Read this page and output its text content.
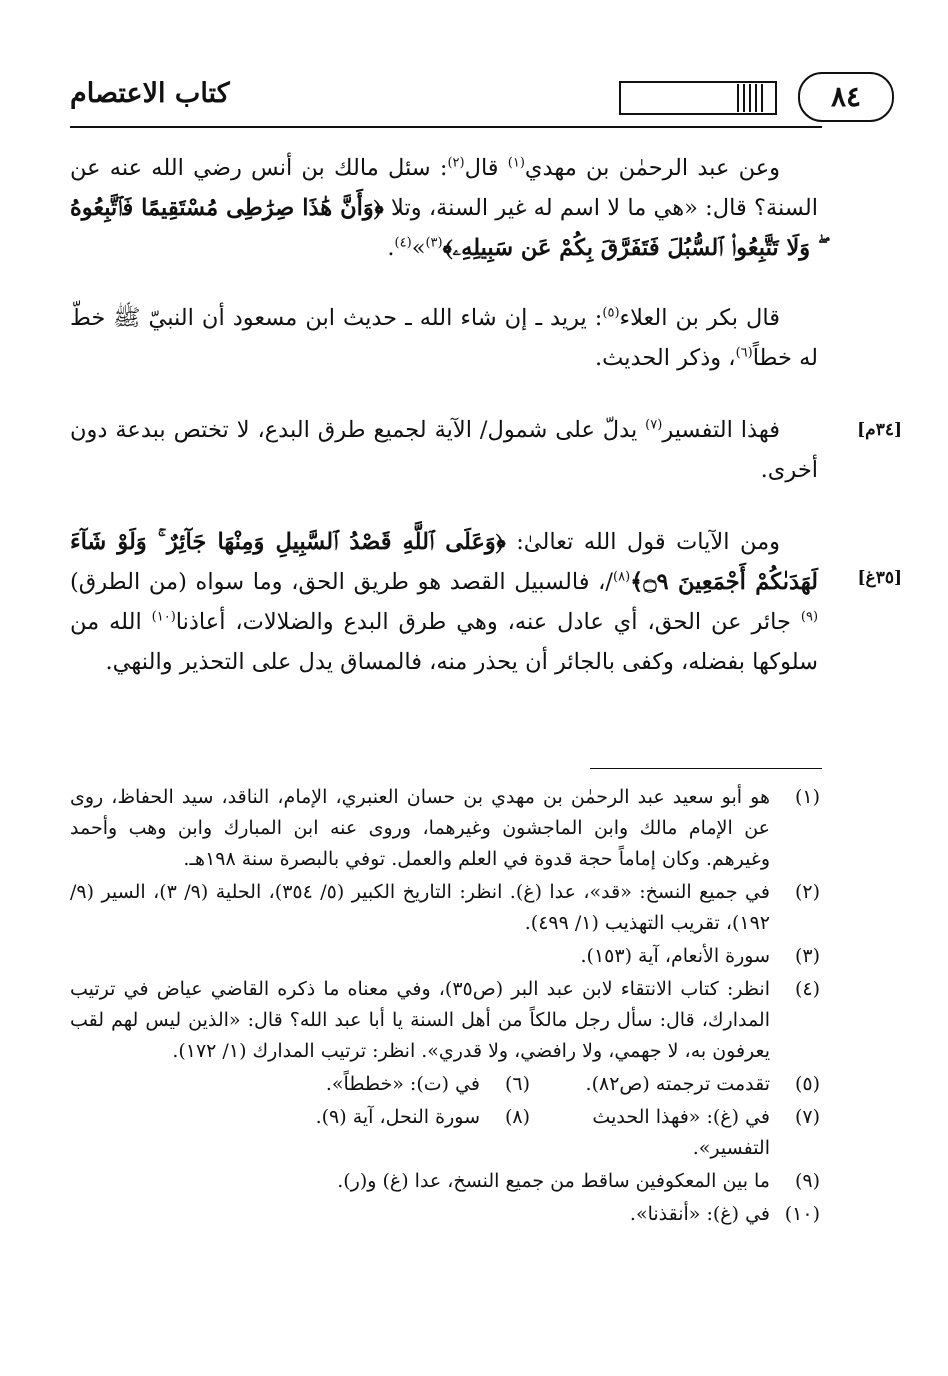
كتاب الاعتصام	٨٤
وعن عبد الرحمٰن بن مهدي$^{(١)}$ قال$^{(٢)}$: سئل مالك بن أنس رضي الله عنه عن السنة؟ قال: «هي ما لا اسم له غير السنة، وتلا ﴿وَأَنَّ هَٰذَا صِرَٰطِى مُسْتَقِيمًا فَٱتَّبِعُوهُ ۖ وَلَا تَتَّبِعُوا۟ ٱلسُّبُلَ فَتَفَرَّقَ بِكُمْ عَن سَبِيلِهِۦ﴾$^{(٣)}$»$^{(٤)}$.
قال بكر بن العلاء$^{(٥)}$: يريد ـ إن شاء الله ـ حديث ابن مسعود أن النبيّ ﷺ خطّ له خطاً$^{(٦)}$، وذكر الحديث.
[٣٤م]
فهذا التفسير$^{(٧)}$ يدلّ على شمول/ الآية لجميع طرق البدع، لا تختص ببدعة دون أخرى.
[٣٥غ]
ومن الآيات قول الله تعالىٰ: ﴿وَعَلَى ٱللَّهِ قَصْدُ ٱلسَّبِيلِ وَمِنْهَا جَآئِرٌ ۚ وَلَوْ شَآءَ لَهَدَىٰكُمْ أَجْمَعِينَ ۝٩﴾$^{(٨)}$/، فالسبيل القصد هو طريق الحق، وما سواه (من الطرق)$^{(٩)}$ جائر عن الحق، أي عادل عنه، وهي طرق البدع والضلالات، أعاذنا$^{(١٠)}$ الله من سلوكها بفضله، وكفى بالجائر أن يحذر منه، فالمساق يدل على التحذير والنهي.
(١)
هو أبو سعيد عبد الرحمٰن بن مهدي بن حسان العنبري، الإمام، الناقد، سيد الحفاظ، روى عن الإمام مالك وابن الماجشون وغيرهما، وروى عنه ابن المبارك وابن وهب وأحمد وغيرهم. وكان إماماً حجة قدوة في العلم والعمل. توفي بالبصرة سنة ١٩٨هـ.
(٢)
في جميع النسخ: «قد»، عدا (غ). انظر: التاريخ الكبير (٥/ ٣٥٤)، الحلية (٩/ ٣)، السير (٩/ ١٩٢)، تقريب التهذيب (١/ ٤٩٩).
(٣)
سورة الأنعام، آية (١٥٣).
(٤)
انظر: كتاب الانتقاء لابن عبد البر (ص٣٥)، وفي معناه ما ذكره القاضي عياض في ترتيب المدارك، قال: سأل رجل مالكاً من أهل السنة يا أبا عبد الله؟ قال: «الذين ليس لهم لقب يعرفون به، لا جهمي، ولا رافضي، ولا قدري». انظر: ترتيب المدارك (١/ ١٧٢).
(٥)
تقدمت ترجمته (ص٨٢).
(٦)
في (ت): «خططاً».
(٧)
في (غ): «فهذا الحديث التفسير».
(٨)
سورة النحل، آية (٩).
(٩)
ما بين المعكوفين ساقط من جميع النسخ، عدا (غ) و(ر).
(١٠)
في (غ): «أنقذنا».
